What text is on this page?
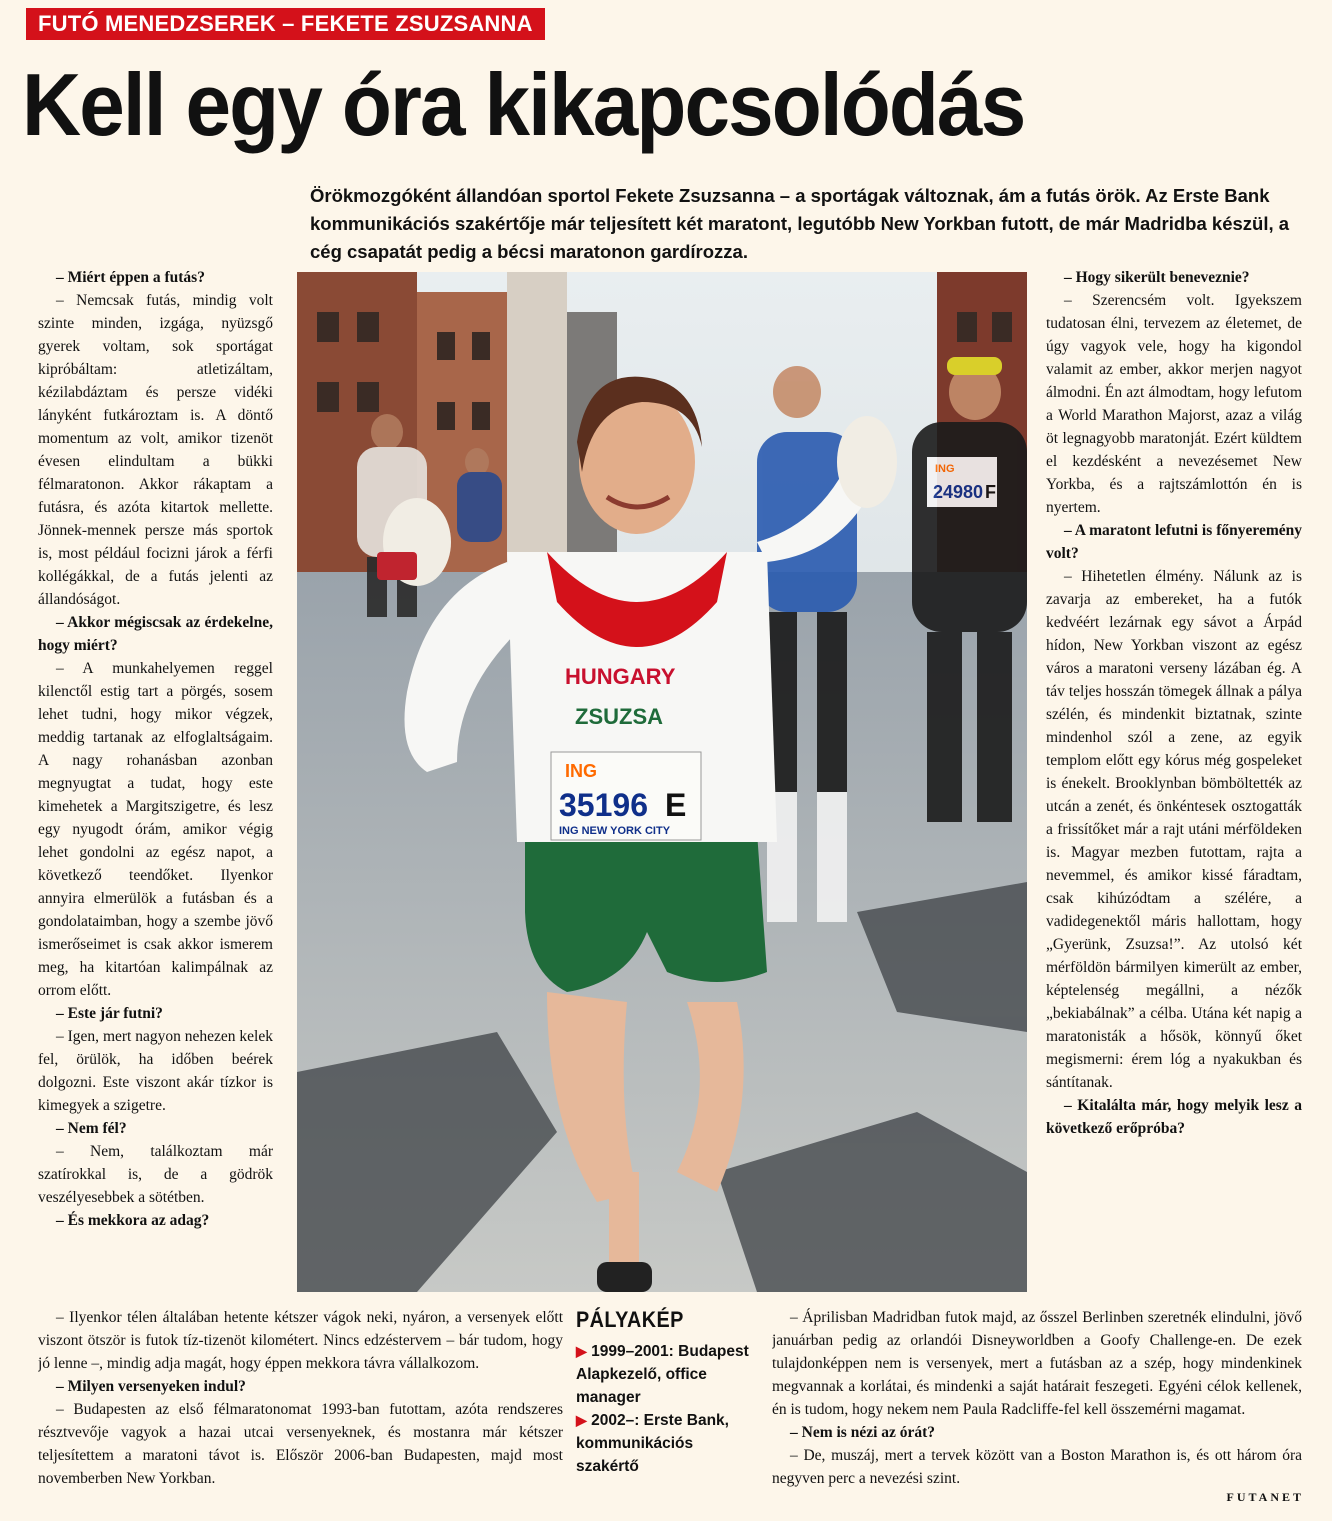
FUTÓ MENEDZSEREK – FEKETE ZSUZSANNA
Kell egy óra kikapcsolódás

Örökmozgóként állandóan sportol Fekete Zsuzsanna – a sportágak változnak, ám a futás örök. Az Erste Bank kommunikációs szakértője már teljesített két maratont, legutóbb New Yorkban futott, de már Madridba készül, a cég csapatát pedig a bécsi maratonon gardírozza.

– Miért éppen a futás?

– Nemcsak futás, mindig volt szinte minden, izgága, nyüzsgő gyerek voltam, sok sportágat kipróbáltam: atletizáltam, kézilabdáztam és persze vidéki lányként futkároztam is. A döntő momentum az volt, amikor tizenöt évesen elindultam a bükki félmaratonon. Akkor rákaptam a futásra, és azóta kitartok mellette. Jönnek-mennek persze más sportok is, most például focizni járok a férfi kollégákkal, de a futás jelenti az állandóságot.

– Akkor mégiscsak az érdekelne, hogy miért?

– A munkahelyemen reggel kilenctől estig tart a pörgés, sosem lehet tudni, hogy mikor végzek, meddig tartanak az elfoglaltságaim. A nagy rohanásban azonban megnyugtat a tudat, hogy este kimehetek a Margitszigetre, és lesz egy nyugodt órám, amikor végig lehet gondolni az egész napot, a következő teendőket. Ilyenkor annyira elmerülök a futásban és a gondolataimban, hogy a szembe jövő ismerőseimet is csak akkor ismerem meg, ha kitartóan kalimpálnak az orrom előtt.

– Este jár futni?

– Igen, mert nagyon nehezen kelek fel, örülök, ha időben beérek dolgozni. Este viszont akár tízkor is kimegyek a szigetre.

– Nem fél?

– Nem, találkoztam már szatírokkal is, de a gödrök veszélyesebbek a sötétben.

– És mekkora az adag?

ING
24980 F
HUNGARY
ZSUZSA
ING
35196 E
ING NEW YORK CITY

– Hogy sikerült beneveznie?

– Szerencsém volt. Igyekszem tudatosan élni, tervezem az életemet, de úgy vagyok vele, hogy ha kigondol valamit az ember, akkor merjen nagyot álmodni. Én azt álmodtam, hogy lefutom a World Marathon Majorst, azaz a világ öt legnagyobb maratonját. Ezért küldtem el kezdésként a nevezésemet New Yorkba, és a rajtszámlottón én is nyertem.

– A maratont lefutni is főnyeremény volt?

– Hihetetlen élmény. Nálunk az is zavarja az embereket, ha a futók kedvéért lezárnak egy sávot a Árpád hídon, New Yorkban viszont az egész város a maratoni verseny lázában ég. A táv teljes hosszán tömegek állnak a pálya szélén, és mindenkit biztatnak, szinte mindenhol szól a zene, az egyik templom előtt egy kórus még gospeleket is énekelt. Brooklynban bömböltették az utcán a zenét, és önkéntesek osztogatták a frissítőket már a rajt utáni mérföldeken is. Magyar mezben futottam, rajta a nevemmel, és amikor kissé fáradtam, csak kihúzódtam a szélére, a vadidegenektől máris hallottam, hogy „Gyerünk, Zsuzsa!”. Az utolsó két mérföldön bármilyen kimerült az ember, képtelenség megállni, a nézők „bekiabálnak” a célba. Utána két napig a maratonisták a hősök, könnyű őket megismerni: érem lóg a nyakukban és sántítanak.

– Kitalálta már, hogy melyik lesz a következő erőpróba?

– Ilyenkor télen általában hetente kétszer vágok neki, nyáron, a versenyek előtt viszont ötször is futok tíz-tizenöt kilométert. Nincs edzéstervem – bár tudom, hogy jó lenne –, mindig adja magát, hogy éppen mekkora távra vállalkozom.

– Milyen versenyeken indul?

– Budapesten az első félmaratonomat 1993-ban futottam, azóta rendszeres résztvevője vagyok a hazai utcai versenyeknek, és mostanra már kétszer teljesítettem a maratoni távot is. Először 2006-ban Budapesten, majd most novemberben New Yorkban.

PÁLYAKÉP
▶ 1999–2001: Budapest Alapkezelő, office manager
▶ 2002–: Erste Bank, kommunikációs szakértő

– Áprilisban Madridban futok majd, az ősszel Berlinben szeretnék elindulni, jövő januárban pedig az orlandói Disneyworldben a Goofy Challenge-en. De ezek tulajdonképpen nem is versenyek, mert a futásban az a szép, hogy mindenkinek megvannak a korlátai, és mindenki a saját határait feszegeti. Egyéni célok kellenek, én is tudom, hogy nekem nem Paula Radcliffe-fel kell összemérni magamat.

– Nem is nézi az órát?

– De, muszáj, mert a tervek között van a Boston Marathon is, és ott három óra negyven perc a nevezési szint.

FUTANET
